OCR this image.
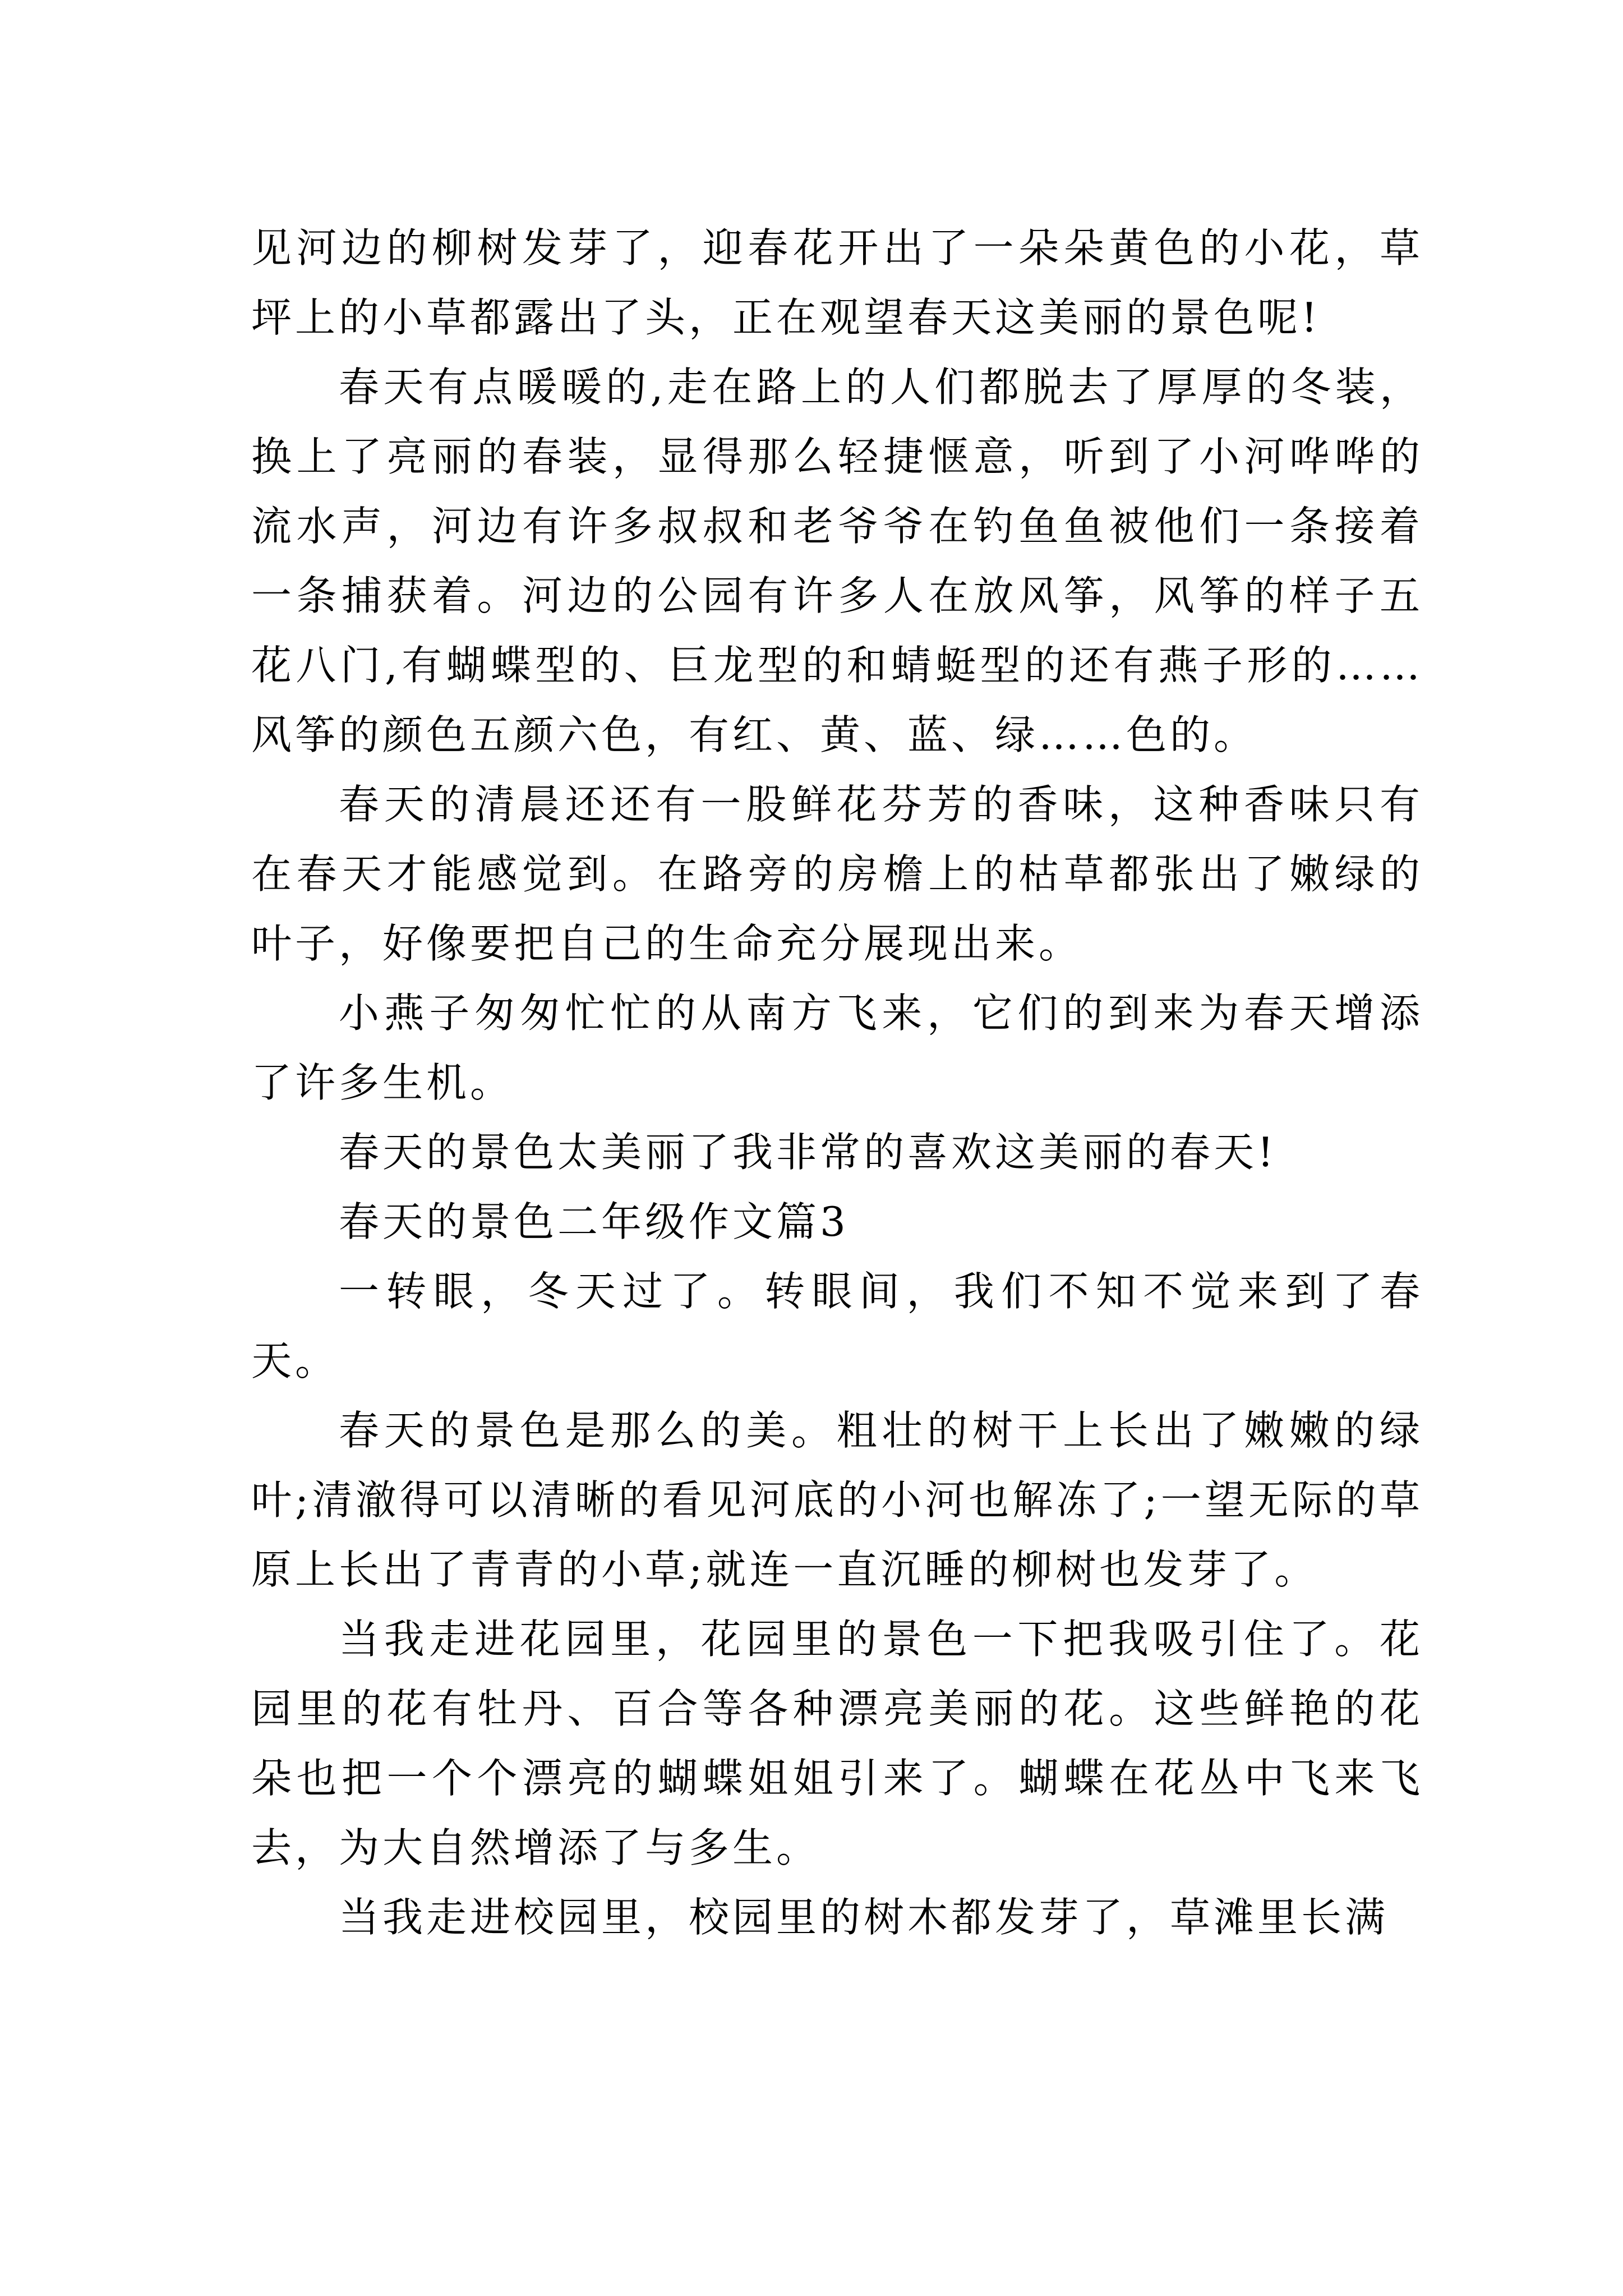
见河边的柳树发芽了，迎春花开出了一朵朵黄色的小花，草坪上的小草都露出了头，正在观望春天这美丽的景色呢!

春天有点暖暖的,走在路上的人们都脱去了厚厚的冬装，换上了亮丽的春装，显得那么轻捷惬意，听到了小河哗哗的流水声，河边有许多叔叔和老爷爷在钓鱼鱼被他们一条接着一条捕获着。河边的公园有许多人在放风筝，风筝的样子五花八门,有蝴蝶型的、巨龙型的和蜻蜓型的还有燕子形的……风筝的颜色五颜六色，有红、黄、蓝、绿……色的。

春天的清晨还还有一股鲜花芬芳的香味，这种香味只有在春天才能感觉到。在路旁的房檐上的枯草都张出了嫩绿的叶子，好像要把自己的生命充分展现出来。

小燕子匆匆忙忙的从南方飞来，它们的到来为春天增添了许多生机。

春天的景色太美丽了我非常的喜欢这美丽的春天!

春天的景色二年级作文篇3

一转眼，冬天过了。转眼间，我们不知不觉来到了春天。

春天的景色是那么的美。粗壮的树干上长出了嫩嫩的绿叶;清澈得可以清晰的看见河底的小河也解冻了;一望无际的草原上长出了青青的小草;就连一直沉睡的柳树也发芽了。

当我走进花园里，花园里的景色一下把我吸引住了。花园里的花有牡丹、百合等各种漂亮美丽的花。这些鲜艳的花朵也把一个个漂亮的蝴蝶姐姐引来了。蝴蝶在花丛中飞来飞去，为大自然增添了与多生。

当我走进校园里，校园里的树木都发芽了，草滩里长满
